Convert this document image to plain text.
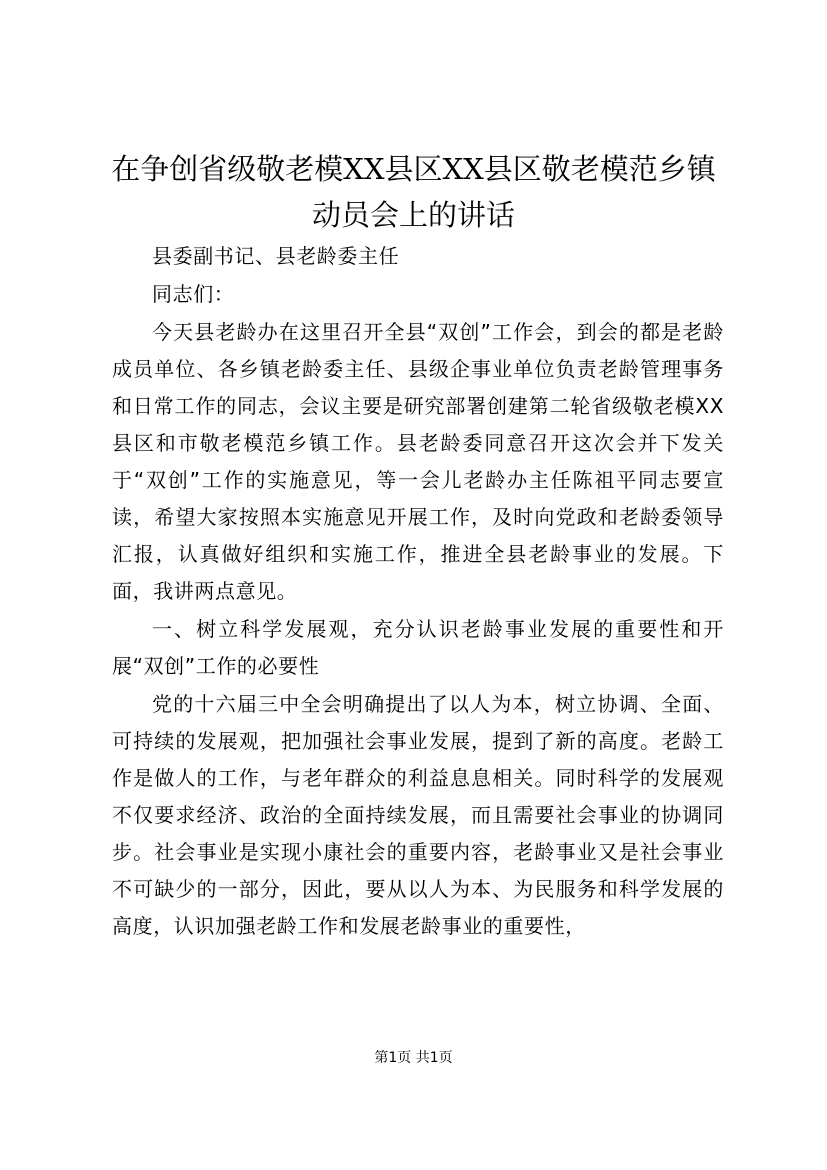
在争创省级敬老模XX县区XX县区敬老模范乡镇动员会上的讲话

县委副书记、县老龄委主任

同志们：

今天县老龄办在这里召开全县“双创”工作会，到会的都是老龄成员单位、各乡镇老龄委主任、县级企事业单位负责老龄管理事务和日常工作的同志，会议主要是研究部署创建第二轮省级敬老模XX县区和市敬老模范乡镇工作。县老龄委同意召开这次会并下发关于“双创”工作的实施意见，等一会儿老龄办主任陈祖平同志要宣读，希望大家按照本实施意见开展工作，及时向党政和老龄委领导汇报，认真做好组织和实施工作，推进全县老龄事业的发展。下面，我讲两点意见。

一、树立科学发展观，充分认识老龄事业发展的重要性和开展“双创”工作的必要性

党的十六届三中全会明确提出了以人为本，树立协调、全面、可持续的发展观，把加强社会事业发展，提到了新的高度。老龄工作是做人的工作，与老年群众的利益息息相关。同时科学的发展观不仅要求经济、政治的全面持续发展，而且需要社会事业的协调同步。社会事业是实现小康社会的重要内容，老龄事业又是社会事业不可缺少的一部分，因此，要从以人为本、为民服务和科学发展的高度，认识加强老龄工作和发展老龄事业的重要性，

第1页 共1页
